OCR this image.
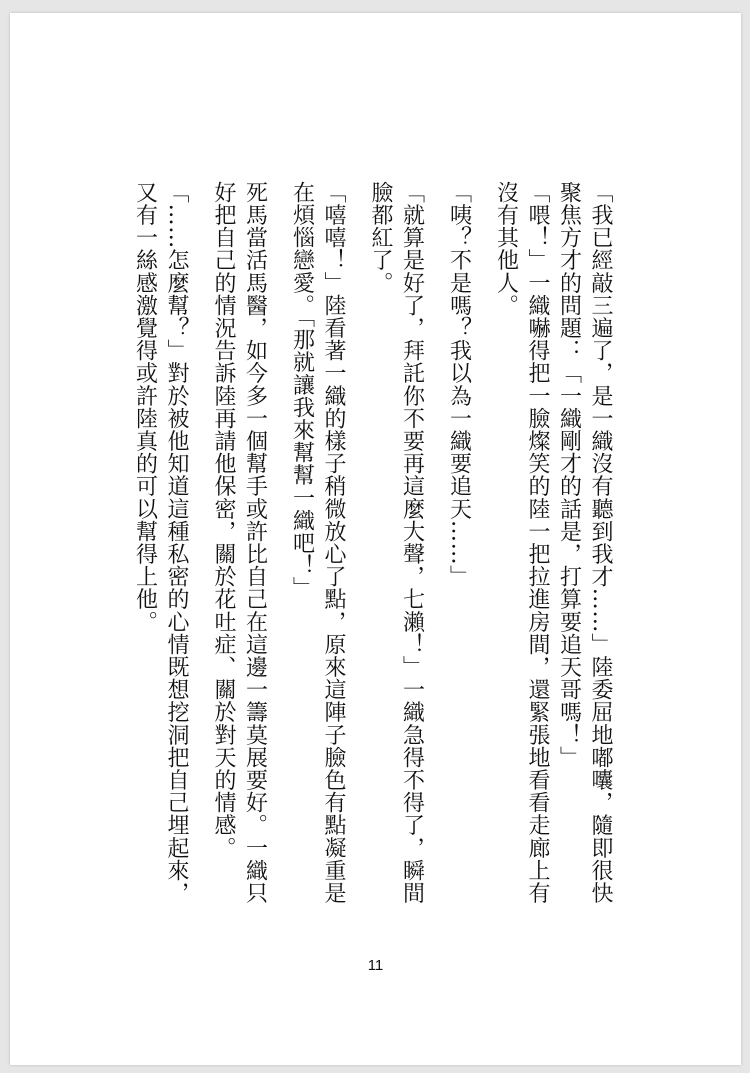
「我已經敲三遍了，是一織沒有聽到我才……」陸委屈地嘟囔，隨即很快聚焦方才的問題：「一織剛才的話是，打算要追天哥嗎！」

「喂！」一織嚇得把一臉燦笑的陸一把拉進房間，還緊張地看看走廊上有沒有其他人。

「咦？不是嗎？我以為一織要追天……」

「就算是好了，拜託你不要再這麼大聲，七瀨！」一織急得不得了，瞬間臉都紅了。

「嘻嘻！」陸看著一織的樣子稍微放心了點，原來這陣子臉色有點凝重是在煩惱戀愛。「那就讓我來幫幫一織吧！」

死馬當活馬醫，如今多一個幫手或許比自己在這邊一籌莫展要好。一織只好把自己的情況告訴陸再請他保密，關於花吐症、關於對天的情感。

「……怎麼幫？」對於被他知道這種私密的心情既想挖洞把自己埋起來，又有一絲感激覺得或許陸真的可以幫得上他。

11
